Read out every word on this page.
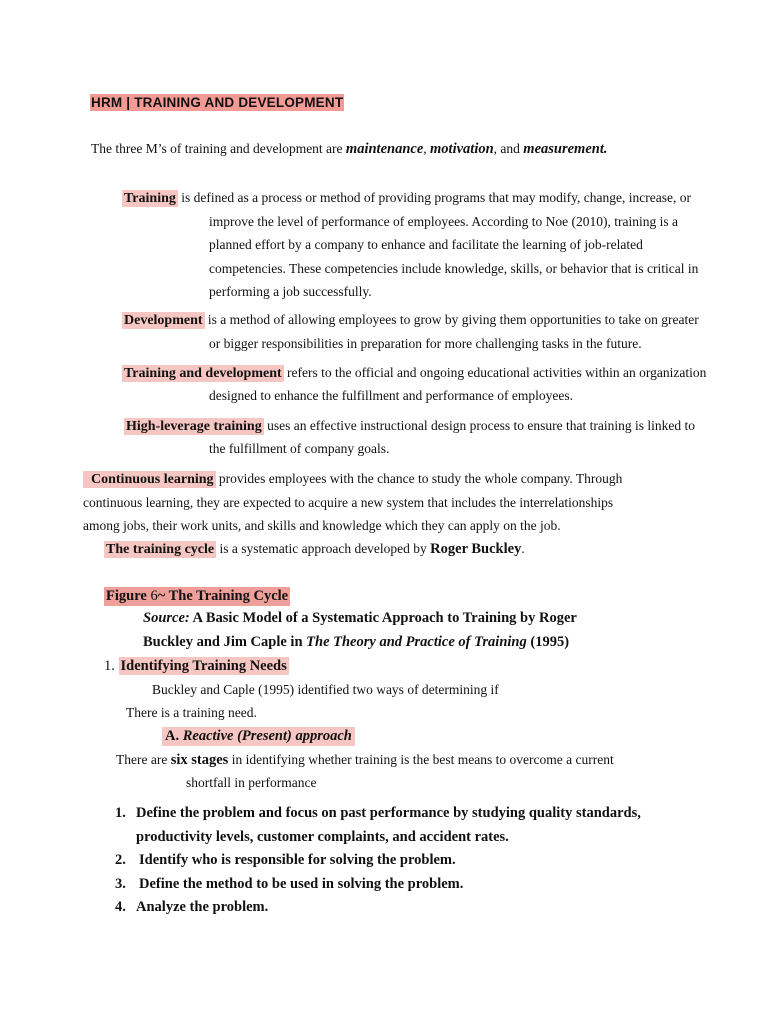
HRM | TRAINING AND DEVELOPMENT
The three M’s of training and development are maintenance, motivation, and measurement.
Training is defined as a process or method of providing programs that may modify, change, increase, or
improve the level of performance of employees. According to Noe (2010), training is a
planned effort by a company to enhance and facilitate the learning of job-related
competencies. These competencies include knowledge, skills, or behavior that is critical in
performing a job successfully.
Development is a method of allowing employees to grow by giving them opportunities to take on greater
or bigger responsibilities in preparation for more challenging tasks in the future.
Training and development refers to the official and ongoing educational activities within an organization
designed to enhance the fulfillment and performance of employees.
High-leverage training uses an effective instructional design process to ensure that training is linked to
the fulfillment of company goals.
Continuous learning provides employees with the chance to study the whole company. Through
continuous learning, they are expected to acquire a new system that includes the interrelationships
among jobs, their work units, and skills and knowledge which they can apply on the job.
The training cycle is a systematic approach developed by Roger Buckley.
Figure 6~ The Training Cycle
Source: A Basic Model of a Systematic Approach to Training by Roger
Buckley and Jim Caple in The Theory and Practice of Training (1995)
1. Identifying Training Needs
Buckley and Caple (1995) identified two ways of determining if
There is a training need.
A. Reactive (Present) approach
There are six stages in identifying whether training is the best means to overcome a current
shortfall in performance
1. Define the problem and focus on past performance by studying quality standards,
productivity levels, customer complaints, and accident rates.
2. Identify who is responsible for solving the problem.
3. Define the method to be used in solving the problem.
4. Analyze the problem.
